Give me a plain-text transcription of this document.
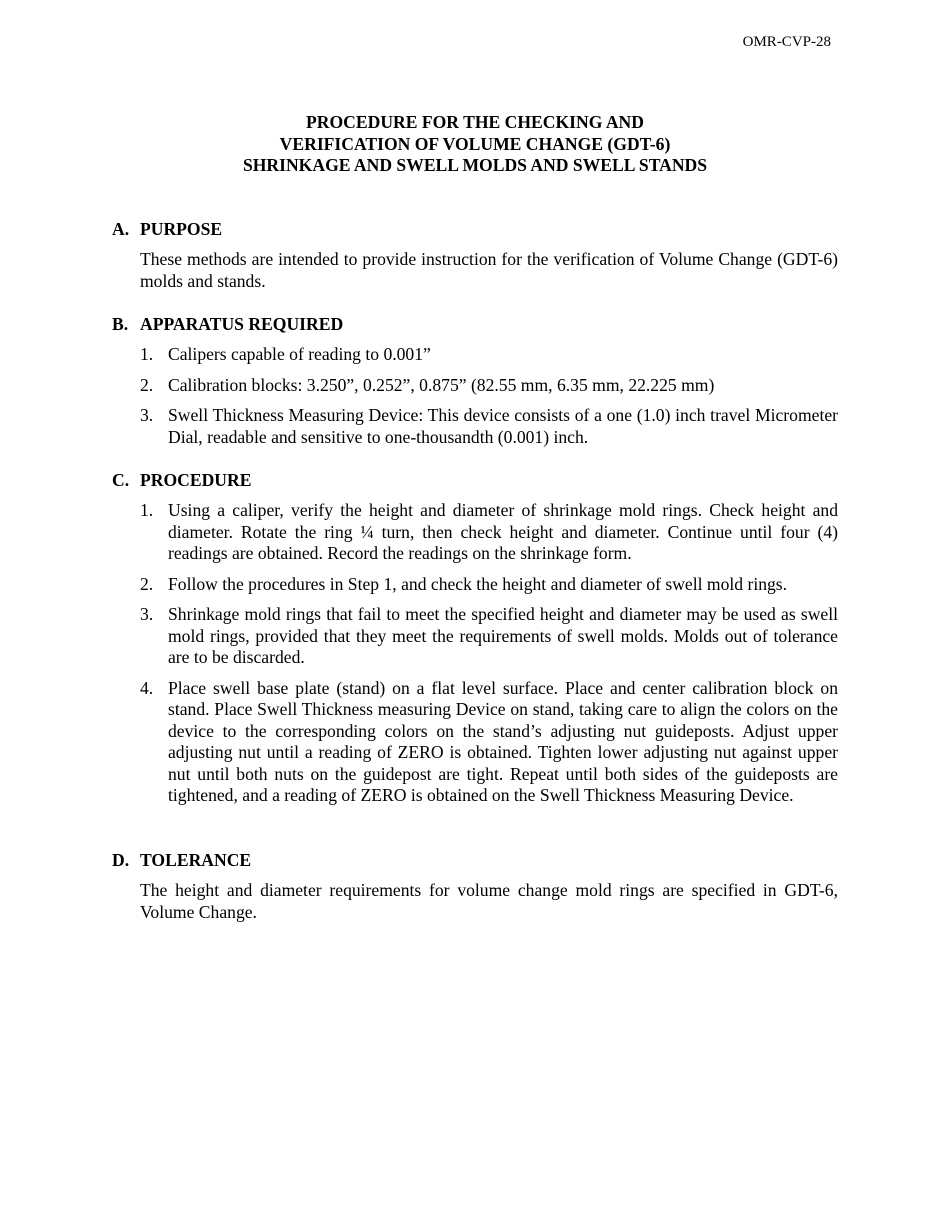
OMR-CVP-28
PROCEDURE FOR THE CHECKING AND
VERIFICATION OF VOLUME CHANGE (GDT-6)
SHRINKAGE AND SWELL MOLDS AND SWELL STANDS
A. PURPOSE
These methods are intended to provide instruction for the verification of Volume Change (GDT-6) molds and stands.
B. APPARATUS REQUIRED
1. Calipers capable of reading to 0.001”
2. Calibration blocks: 3.250”, 0.252”, 0.875” (82.55 mm, 6.35 mm, 22.225 mm)
3. Swell Thickness Measuring Device: This device consists of a one (1.0) inch travel Micrometer Dial, readable and sensitive to one-thousandth (0.001) inch.
C. PROCEDURE
1. Using a caliper, verify the height and diameter of shrinkage mold rings. Check height and diameter. Rotate the ring ¼ turn, then check height and diameter. Continue until four (4) readings are obtained. Record the readings on the shrinkage form.
2. Follow the procedures in Step 1, and check the height and diameter of swell mold rings.
3. Shrinkage mold rings that fail to meet the specified height and diameter may be used as swell mold rings, provided that they meet the requirements of swell molds. Molds out of tolerance are to be discarded.
4. Place swell base plate (stand) on a flat level surface. Place and center calibration block on stand. Place Swell Thickness measuring Device on stand, taking care to align the colors on the device to the corresponding colors on the stand’s adjusting nut guideposts. Adjust upper adjusting nut until a reading of ZERO is obtained. Tighten lower adjusting nut against upper nut until both nuts on the guidepost are tight. Repeat until both sides of the guideposts are tightened, and a reading of ZERO is obtained on the Swell Thickness Measuring Device.
D. TOLERANCE
The height and diameter requirements for volume change mold rings are specified in GDT-6, Volume Change.
